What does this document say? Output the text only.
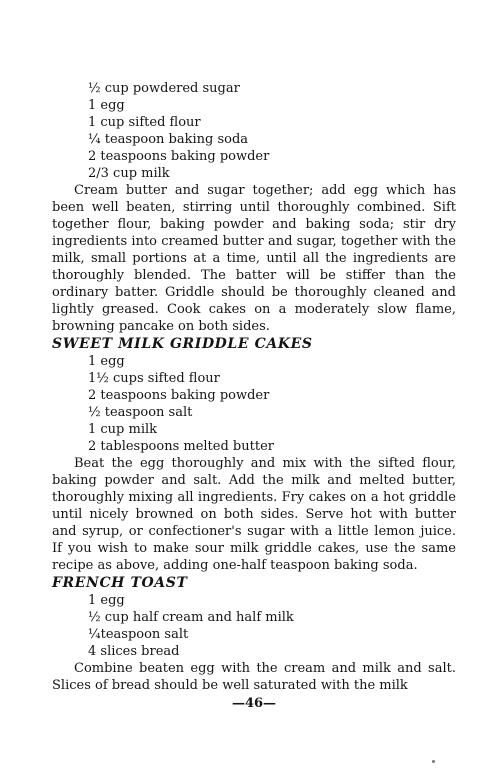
½ cup powdered sugar
1 egg
1 cup sifted flour
¼ teaspoon baking soda
2 teaspoons baking powder
2/3 cup milk

Cream butter and sugar together; add egg which has been well beaten, stirring until thoroughly combined. Sift together flour, baking powder and baking soda; stir dry ingredients into creamed butter and sugar, together with the milk, small portions at a time, until all the ingredients are thoroughly blended. The batter will be stiffer than the ordinary batter. Griddle should be thoroughly cleaned and lightly greased. Cook cakes on a moderately slow flame, browning pancake on both sides.

SWEET MILK GRIDDLE CAKES
1 egg
1½ cups sifted flour
2 teaspoons baking powder
½ teaspoon salt
1 cup milk
2 tablespoons melted butter

Beat the egg thoroughly and mix with the sifted flour, baking powder and salt. Add the milk and melted butter, thoroughly mixing all ingredients. Fry cakes on a hot griddle until nicely browned on both sides. Serve hot with butter and syrup, or confectioner's sugar with a little lemon juice. If you wish to make sour milk griddle cakes, use the same recipe as above, adding one-half teaspoon baking soda.

FRENCH TOAST
1 egg
½ cup half cream and half milk
¼teaspoon salt
4 slices bread

Combine beaten egg with the cream and milk and salt. Slices of bread should be well saturated with the milk

—46—
